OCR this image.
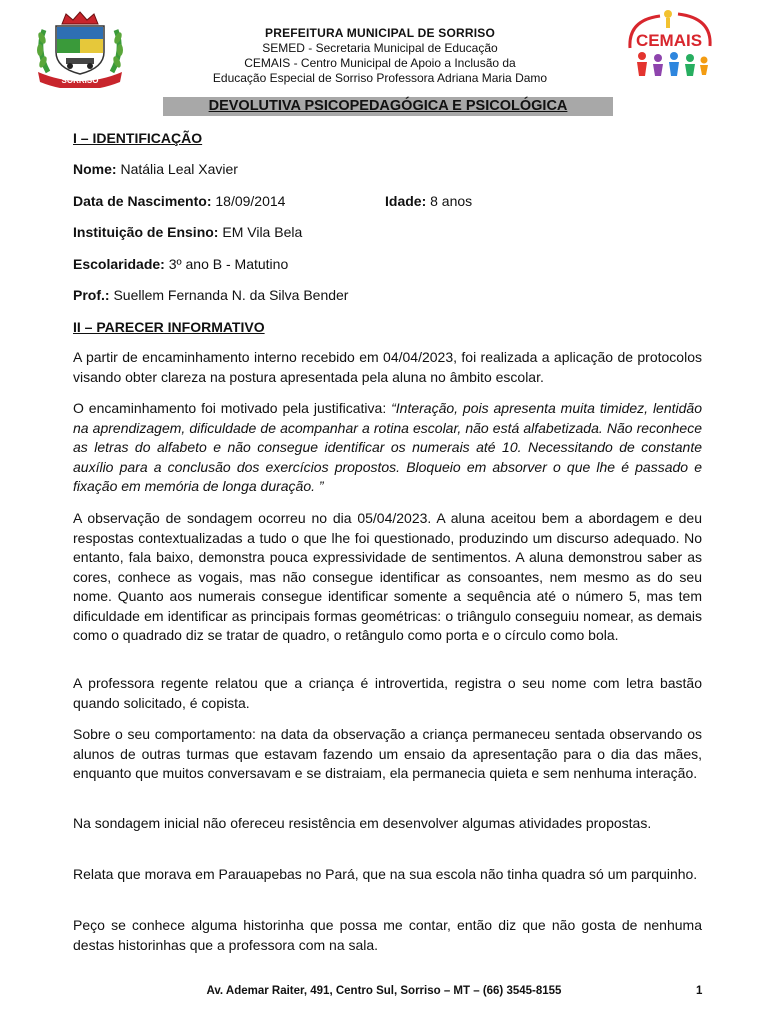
SORRISO
PREFEITURA MUNICIPAL DE SORRISO
SEMED - Secretaria Municipal de Educação
CEMAIS - Centro Municipal de Apoio a Inclusão da
Educação Especial de Sorriso Professora Adriana Maria Damo
CEMAIS
DEVOLUTIVA PSICOPEDAGÓGICA E PSICOLÓGICA
I – IDENTIFICAÇÃO
Nome: Natália Leal Xavier
Data de Nascimento: 18/09/2014	Idade: 8 anos
Instituição de Ensino: EM Vila Bela
Escolaridade: 3º ano B - Matutino
Prof.: Suellem Fernanda N. da Silva Bender
II – PARECER INFORMATIVO

A partir de encaminhamento interno recebido em 04/04/2023, foi realizada a aplicação de protocolos visando obter clareza na postura apresentada pela aluna no âmbito escolar.

O encaminhamento foi motivado pela justificativa: “Interação, pois apresenta muita timidez, lentidão na aprendizagem, dificuldade de acompanhar a rotina escolar, não está alfabetizada. Não reconhece as letras do alfabeto e não consegue identificar os numerais até 10. Necessitando de constante auxílio para a conclusão dos exercícios propostos. Bloqueio em absorver o que lhe é passado e fixação em memória de longa duração. ”

A observação de sondagem ocorreu no dia 05/04/2023. A aluna aceitou bem a abordagem e deu respostas contextualizadas a tudo o que lhe foi questionado, produzindo um discurso adequado. No entanto, fala baixo, demonstra pouca expressividade de sentimentos. A aluna demonstrou saber as cores, conhece as vogais, mas não consegue identificar as consoantes, nem mesmo as do seu nome. Quanto aos numerais consegue identificar somente a sequência até o número 5, mas tem dificuldade em identificar as principais formas geométricas: o triângulo conseguiu nomear, as demais como o quadrado diz se tratar de quadro, o retângulo como porta e o círculo como bola.

A professora regente relatou que a criança é introvertida, registra o seu nome com letra bastão quando solicitado, é copista.

Sobre o seu comportamento: na data da observação a criança permaneceu sentada observando os alunos de outras turmas que estavam fazendo um ensaio da apresentação para o dia das mães, enquanto que muitos conversavam e se distraiam, ela permanecia quieta e sem nenhuma interação.

Na sondagem inicial não ofereceu resistência em desenvolver algumas atividades propostas.

Relata que morava em Parauapebas no Pará, que na sua escola não tinha quadra só um parquinho.

Peço se conhece alguma historinha que possa me contar, então diz que não gosta de nenhuma destas historinhas que a professora com na sala.

Av. Ademar Raiter, 491, Centro Sul, Sorriso – MT – (66) 3545-8155	1
